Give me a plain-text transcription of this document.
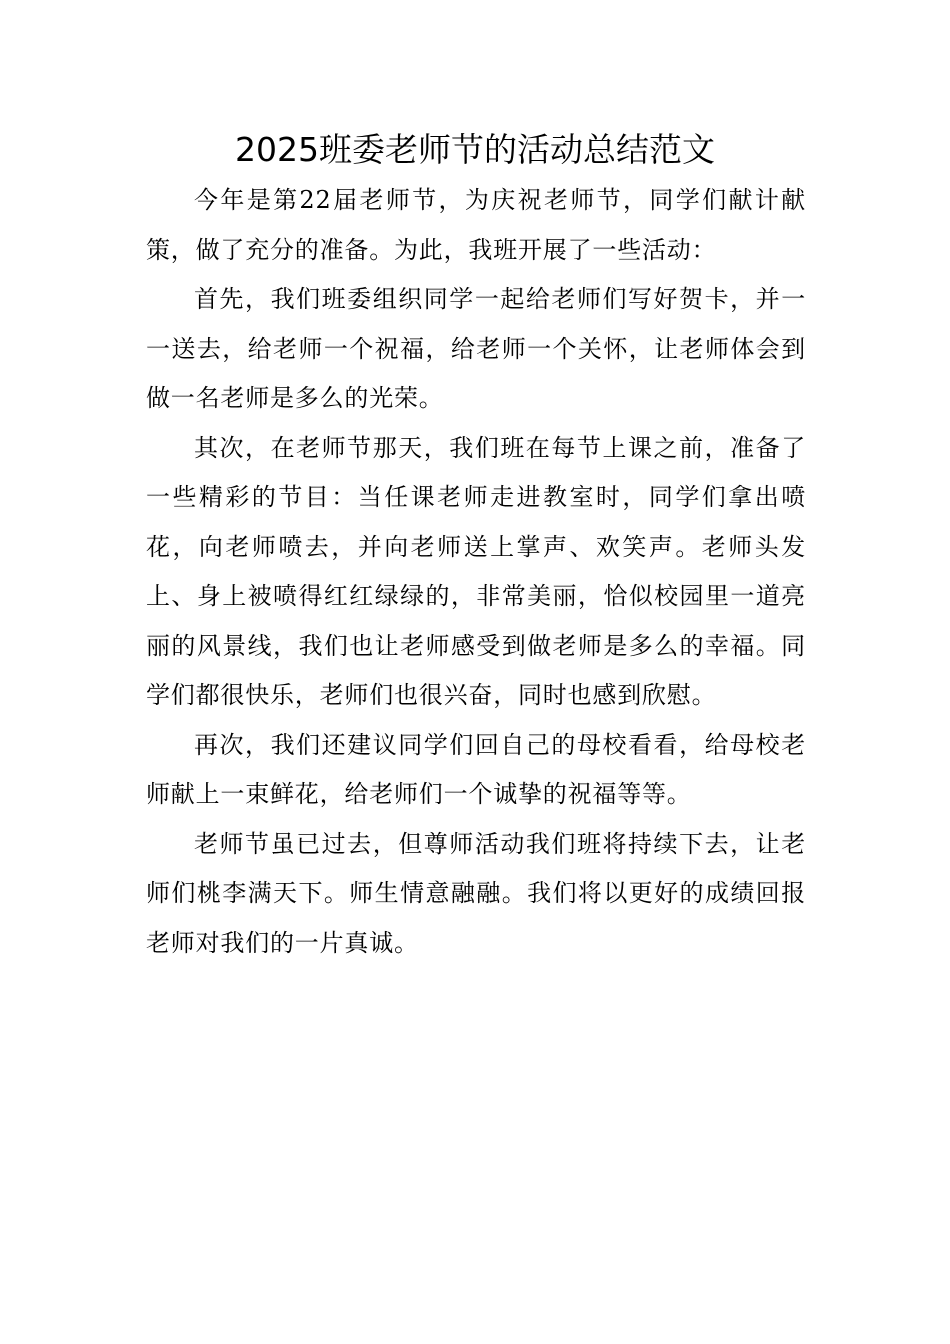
2025班委老师节的活动总结范文

今年是第22届老师节，为庆祝老师节，同学们献计献策，做了充分的准备。为此，我班开展了一些活动：

首先，我们班委组织同学一起给老师们写好贺卡，并一一送去，给老师一个祝福，给老师一个关怀，让老师体会到做一名老师是多么的光荣。

其次，在老师节那天，我们班在每节上课之前，准备了一些精彩的节目：当任课老师走进教室时，同学们拿出喷花，向老师喷去，并向老师送上掌声、欢笑声。老师头发上、身上被喷得红红绿绿的，非常美丽，恰似校园里一道亮丽的风景线，我们也让老师感受到做老师是多么的幸福。同学们都很快乐，老师们也很兴奋，同时也感到欣慰。

再次，我们还建议同学们回自己的母校看看，给母校老师献上一束鲜花，给老师们一个诚挚的祝福等等。

老师节虽已过去，但尊师活动我们班将持续下去，让老师们桃李满天下。师生情意融融。我们将以更好的成绩回报老师对我们的一片真诚。
